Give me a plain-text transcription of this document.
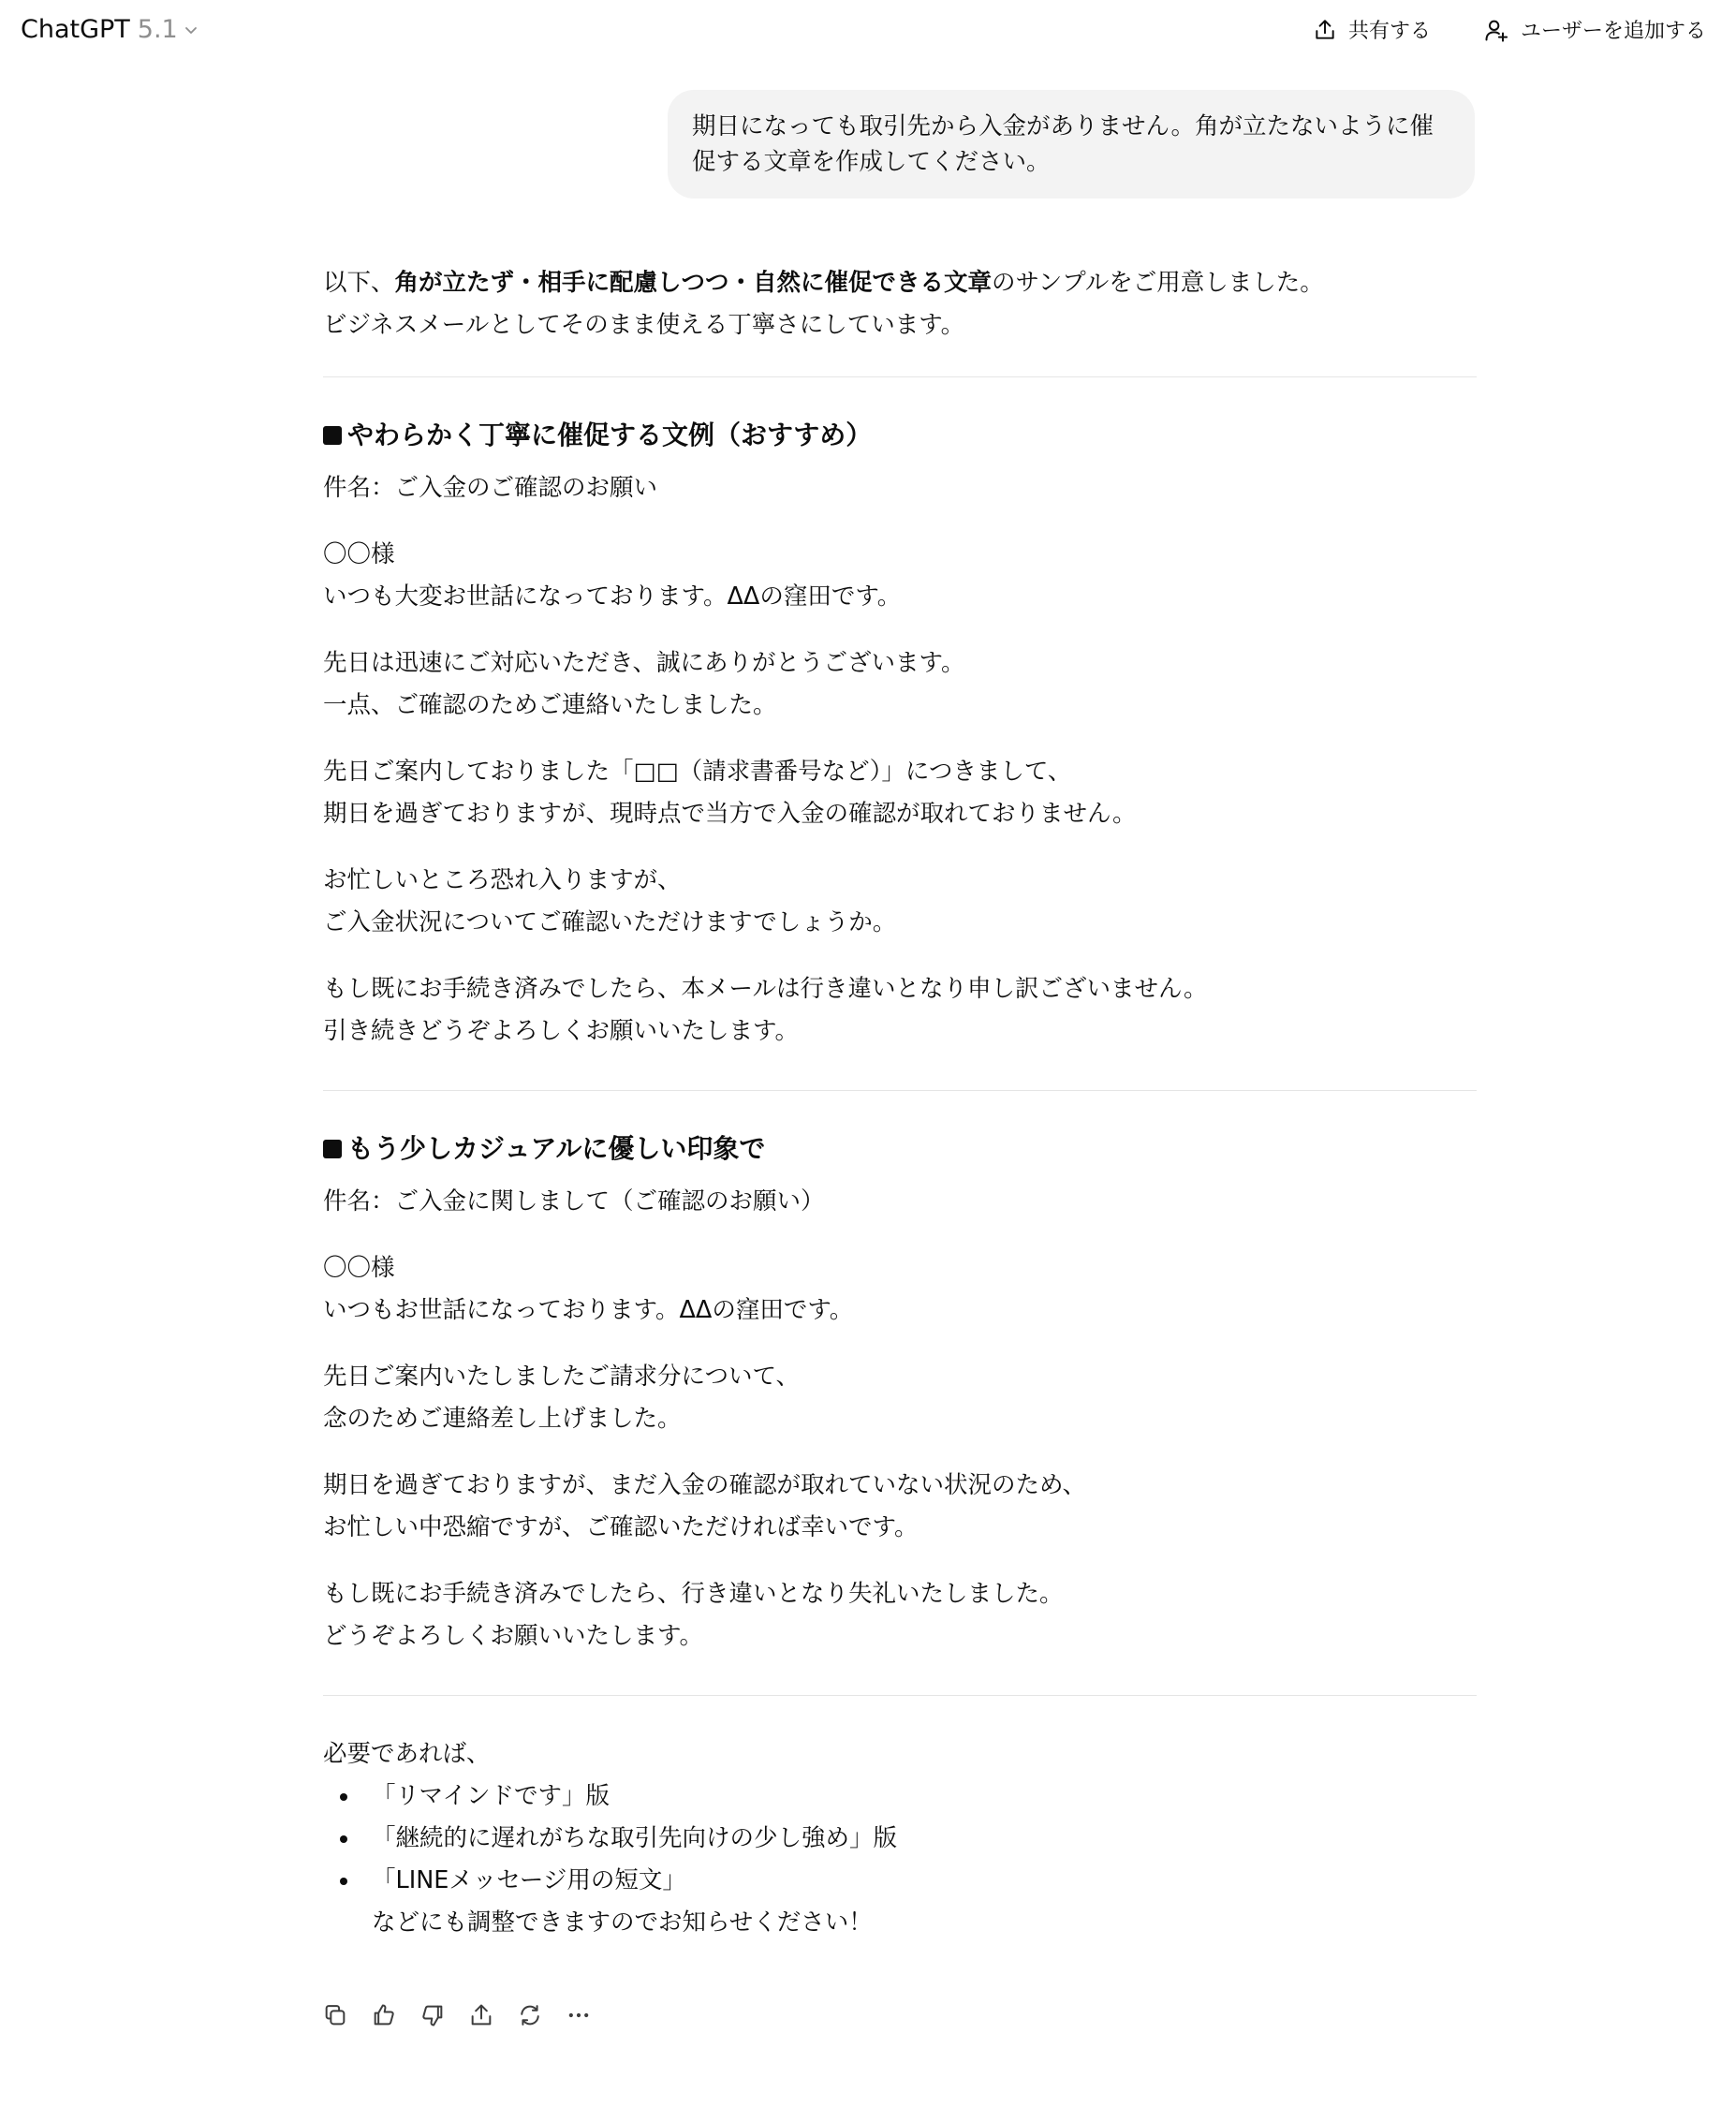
ChatGPT 5.1	共有する	ユーザーを追加する
期日になっても取引先から入金がありません。角が立たないように催
促する文章を作成してください。
以下、角が立たず・相手に配慮しつつ・自然に催促できる文章のサンプルをご用意しました。
ビジネスメールとしてそのまま使える丁寧さにしています。
やわらかく丁寧に催促する文例（おすすめ）
件名：ご入金のご確認のお願い
〇〇様
いつも大変お世話になっております。ΔΔの窪田です。
先日は迅速にご対応いただき、誠にありがとうございます。
一点、ご確認のためご連絡いたしました。
先日ご案内しておりました「□□（請求書番号など）」につきまして、
期日を過ぎておりますが、現時点で当方で入金の確認が取れておりません。
お忙しいところ恐れ入りますが、
ご入金状況についてご確認いただけますでしょうか。
もし既にお手続き済みでしたら、本メールは行き違いとなり申し訳ございません。
引き続きどうぞよろしくお願いいたします。
もう少しカジュアルに優しい印象で
件名：ご入金に関しまして（ご確認のお願い）
〇〇様
いつもお世話になっております。ΔΔの窪田です。
先日ご案内いたしましたご請求分について、
念のためご連絡差し上げました。
期日を過ぎておりますが、まだ入金の確認が取れていない状況のため、
お忙しい中恐縮ですが、ご確認いただければ幸いです。
もし既にお手続き済みでしたら、行き違いとなり失礼いたしました。
どうぞよろしくお願いいたします。
必要であれば、
「リマインドです」版
「継続的に遅れがちな取引先向けの少し強め」版
「LINEメッセージ用の短文」
などにも調整できますのでお知らせください！
